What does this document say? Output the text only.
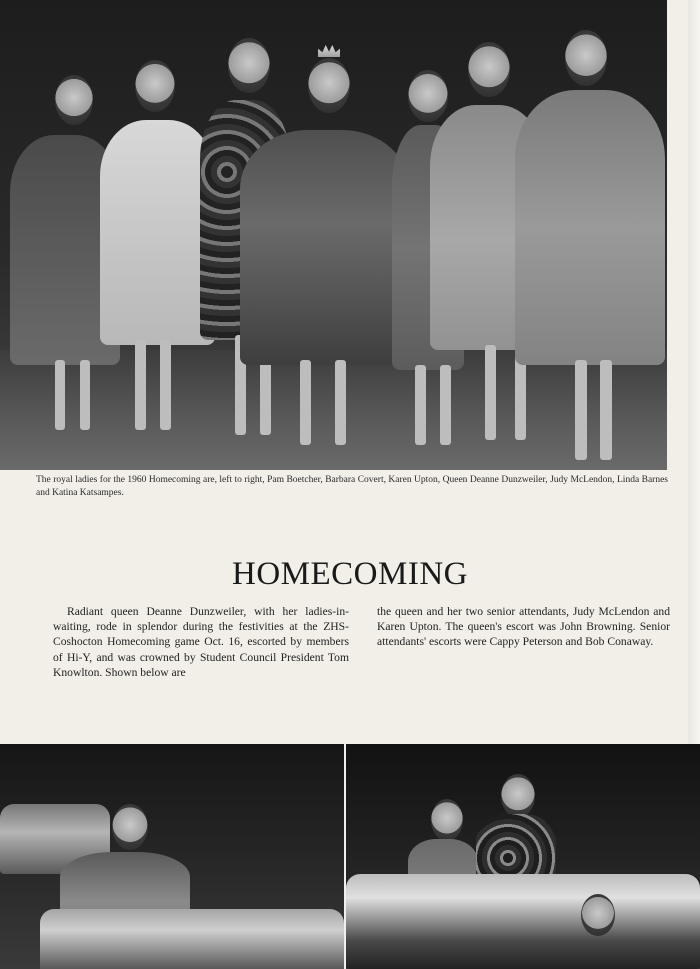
The royal ladies for the 1960 Homecoming are, left to right, Pam Boetcher, Barbara Covert, Karen Upton, Queen Deanne Dunzweiler, Judy McLendon, Linda Barnes and Katina Katsampes.
HOMECOMING
Radiant queen Deanne Dunzweiler, with her ladies-in-waiting, rode in splendor during the festivities at the ZHS-Coshocton Homecoming game Oct. 16, escorted by members of Hi-Y, and was crowned by Student Council President Tom Knowlton. Shown below are
the queen and her two senior attendants, Judy McLendon and Karen Upton. The queen's escort was John Browning. Senior attendants' escorts were Cappy Peterson and Bob Conaway.
